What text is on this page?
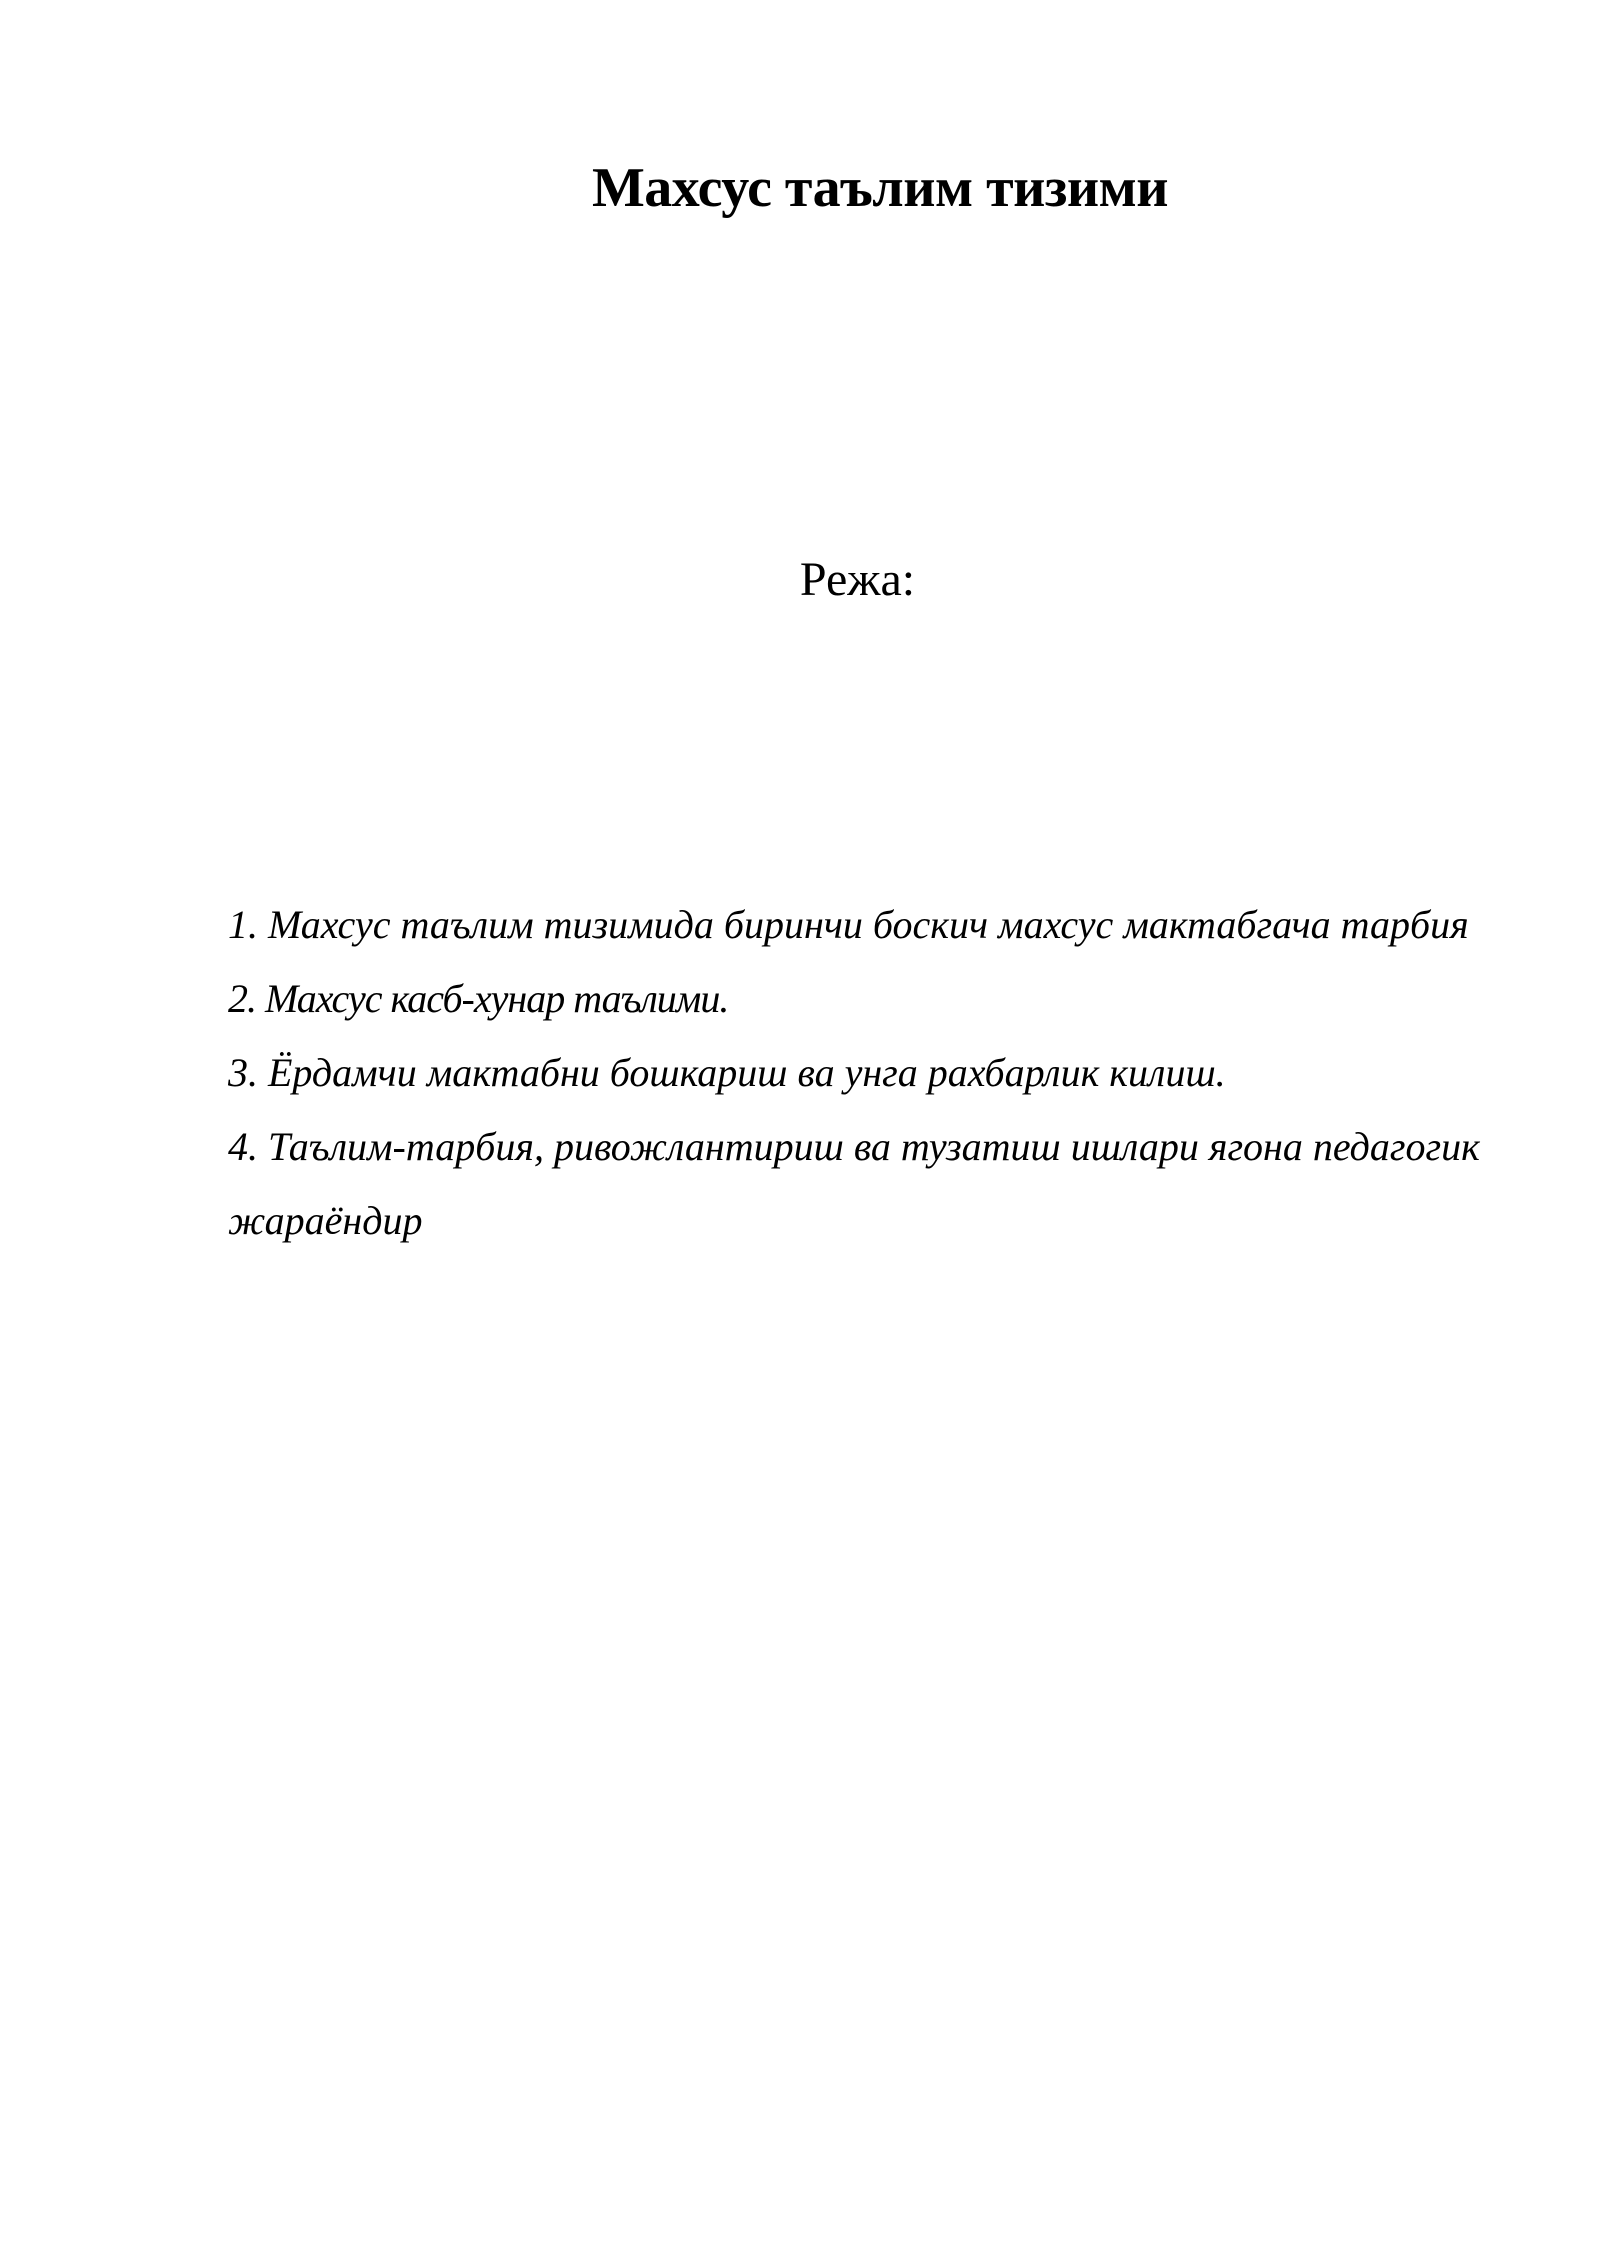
Махсус таълим тизими
Режа:
1. Махсус таълим тизимида биринчи боскич махсус мактабгача тарбия
2. Махсус касб-хунар таълими.
3. Ёрдамчи мактабни бошкариш ва унга рахбарлик килиш.
4. Таълим-тарбия, ривожлантириш ва тузатиш ишлари ягона педагогик жараёндир
